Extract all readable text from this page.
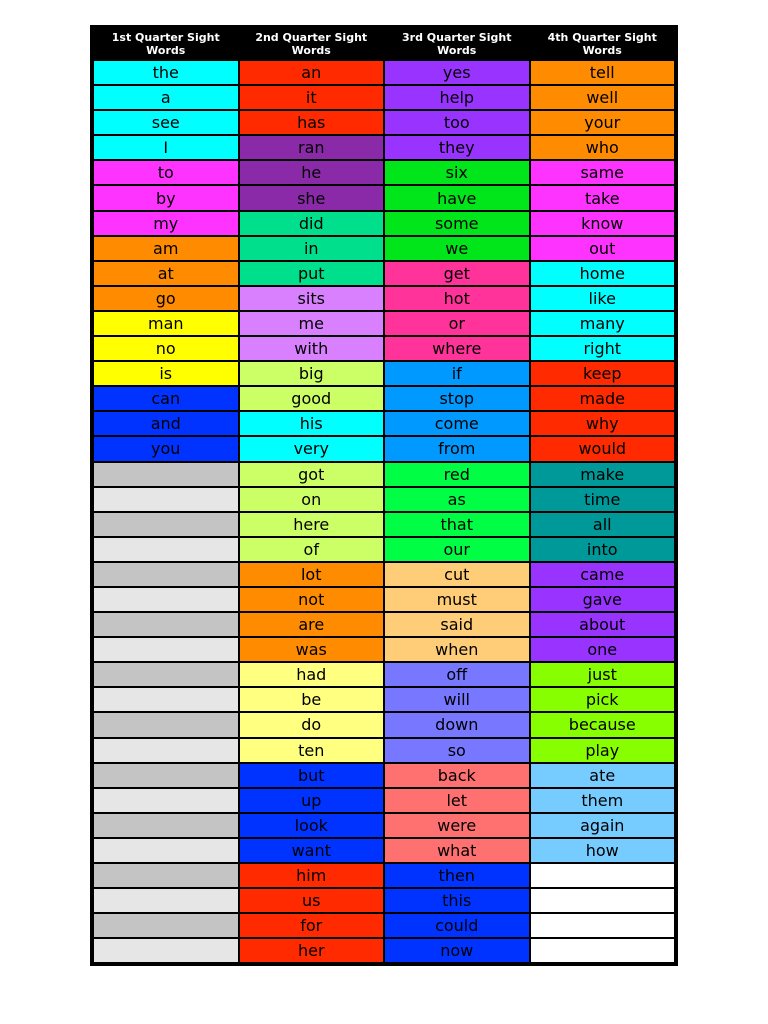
1st Quarter Sight Words	2nd Quarter Sight Words	3rd Quarter Sight Words	4th Quarter Sight Words
the	an	yes	tell
a	it	help	well
see	has	too	your
I	ran	they	who
to	he	six	same
by	she	have	take
my	did	some	know
am	in	we	out
at	put	get	home
go	sits	hot	like
man	me	or	many
no	with	where	right
is	big	if	keep
can	good	stop	made
and	his	come	why
you	very	from	would
	got	red	make
	on	as	time
	here	that	all
	of	our	into
	lot	cut	came
	not	must	gave
	are	said	about
	was	when	one
	had	off	just
	be	will	pick
	do	down	because
	ten	so	play
	but	back	ate
	up	let	them
	look	were	again
	want	what	how
	him	then	
	us	this	
	for	could	
	her	now	
